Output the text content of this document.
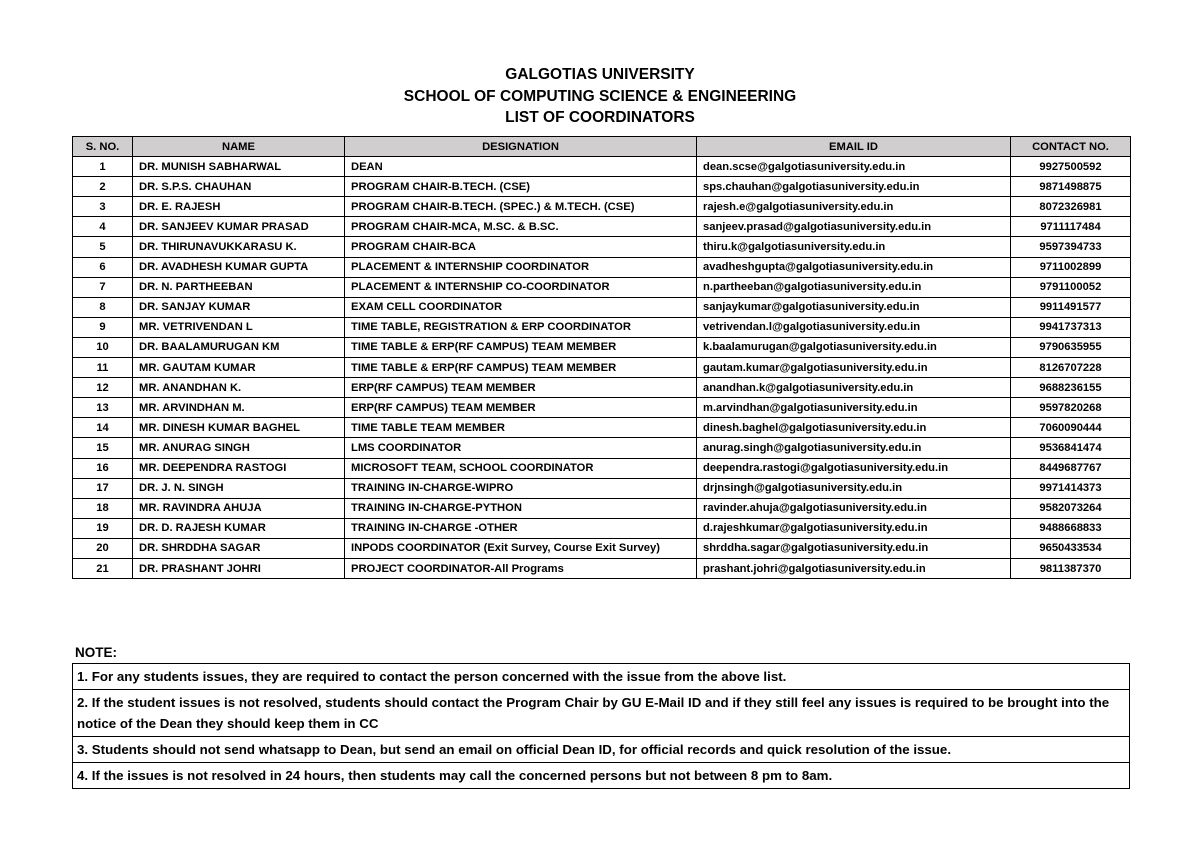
GALGOTIAS UNIVERSITY
SCHOOL OF COMPUTING SCIENCE & ENGINEERING
LIST OF COORDINATORS
S. NO.	NAME	DESIGNATION	EMAIL ID	CONTACT NO.
1	DR. MUNISH SABHARWAL	DEAN	dean.scse@galgotiasuniversity.edu.in	9927500592
2	DR. S.P.S. CHAUHAN	PROGRAM CHAIR-B.TECH. (CSE)	sps.chauhan@galgotiasuniversity.edu.in	9871498875
3	DR. E. RAJESH	PROGRAM CHAIR-B.TECH. (SPEC.) & M.TECH. (CSE)	rajesh.e@galgotiasuniversity.edu.in	8072326981
4	DR. SANJEEV KUMAR PRASAD	PROGRAM CHAIR-MCA, M.SC. & B.SC.	sanjeev.prasad@galgotiasuniversity.edu.in	9711117484
5	DR. THIRUNAVUKKARASU K.	PROGRAM CHAIR-BCA	thiru.k@galgotiasuniversity.edu.in	9597394733
6	DR. AVADHESH KUMAR GUPTA	PLACEMENT & INTERNSHIP COORDINATOR	avadheshgupta@galgotiasuniversity.edu.in	9711002899
7	DR. N. PARTHEEBAN	PLACEMENT & INTERNSHIP CO-COORDINATOR	n.partheeban@galgotiasuniversity.edu.in	9791100052
8	DR. SANJAY KUMAR	EXAM CELL COORDINATOR	sanjaykumar@galgotiasuniversity.edu.in	9911491577
9	MR. VETRIVENDAN L	TIME TABLE, REGISTRATION & ERP COORDINATOR	vetrivendan.l@galgotiasuniversity.edu.in	9941737313
10	DR. BAALAMURUGAN KM	TIME TABLE & ERP(RF CAMPUS) TEAM MEMBER	k.baalamurugan@galgotiasuniversity.edu.in	9790635955
11	MR. GAUTAM KUMAR	TIME TABLE & ERP(RF CAMPUS) TEAM MEMBER	gautam.kumar@galgotiasuniversity.edu.in	8126707228
12	MR. ANANDHAN K.	ERP(RF CAMPUS) TEAM MEMBER	anandhan.k@galgotiasuniversity.edu.in	9688236155
13	MR. ARVINDHAN M.	ERP(RF CAMPUS) TEAM MEMBER	m.arvindhan@galgotiasuniversity.edu.in	9597820268
14	MR. DINESH KUMAR BAGHEL	TIME TABLE TEAM MEMBER	dinesh.baghel@galgotiasuniversity.edu.in	7060090444
15	MR. ANURAG SINGH	LMS COORDINATOR	anurag.singh@galgotiasuniversity.edu.in	9536841474
16	MR. DEEPENDRA RASTOGI	MICROSOFT TEAM, SCHOOL COORDINATOR	deependra.rastogi@galgotiasuniversity.edu.in	8449687767
17	DR. J. N. SINGH	TRAINING IN-CHARGE-WIPRO	drjnsingh@galgotiasuniversity.edu.in	9971414373
18	MR. RAVINDRA AHUJA	TRAINING IN-CHARGE-PYTHON	ravinder.ahuja@galgotiasuniversity.edu.in	9582073264
19	DR. D. RAJESH KUMAR	TRAINING IN-CHARGE -OTHER	d.rajeshkumar@galgotiasuniversity.edu.in	9488668833
20	DR. SHRDDHA SAGAR	INPODS COORDINATOR (Exit Survey, Course Exit Survey)	shrddha.sagar@galgotiasuniversity.edu.in	9650433534
21	DR. PRASHANT JOHRI	PROJECT COORDINATOR-All Programs	prashant.johri@galgotiasuniversity.edu.in	9811387370
NOTE:
1. For any students issues, they are required to contact the person concerned with the issue from the above list.
2. If the student issues is not resolved, students should contact the Program Chair by GU E-Mail ID and if they still feel any issues is required to be brought into the notice of the Dean they should keep them in CC
3. Students should not send whatsapp to Dean, but send an email on official Dean ID, for official records and quick resolution of the issue.
4. If the issues is not resolved in 24 hours, then students may call the concerned persons but not between 8 pm to 8am.
